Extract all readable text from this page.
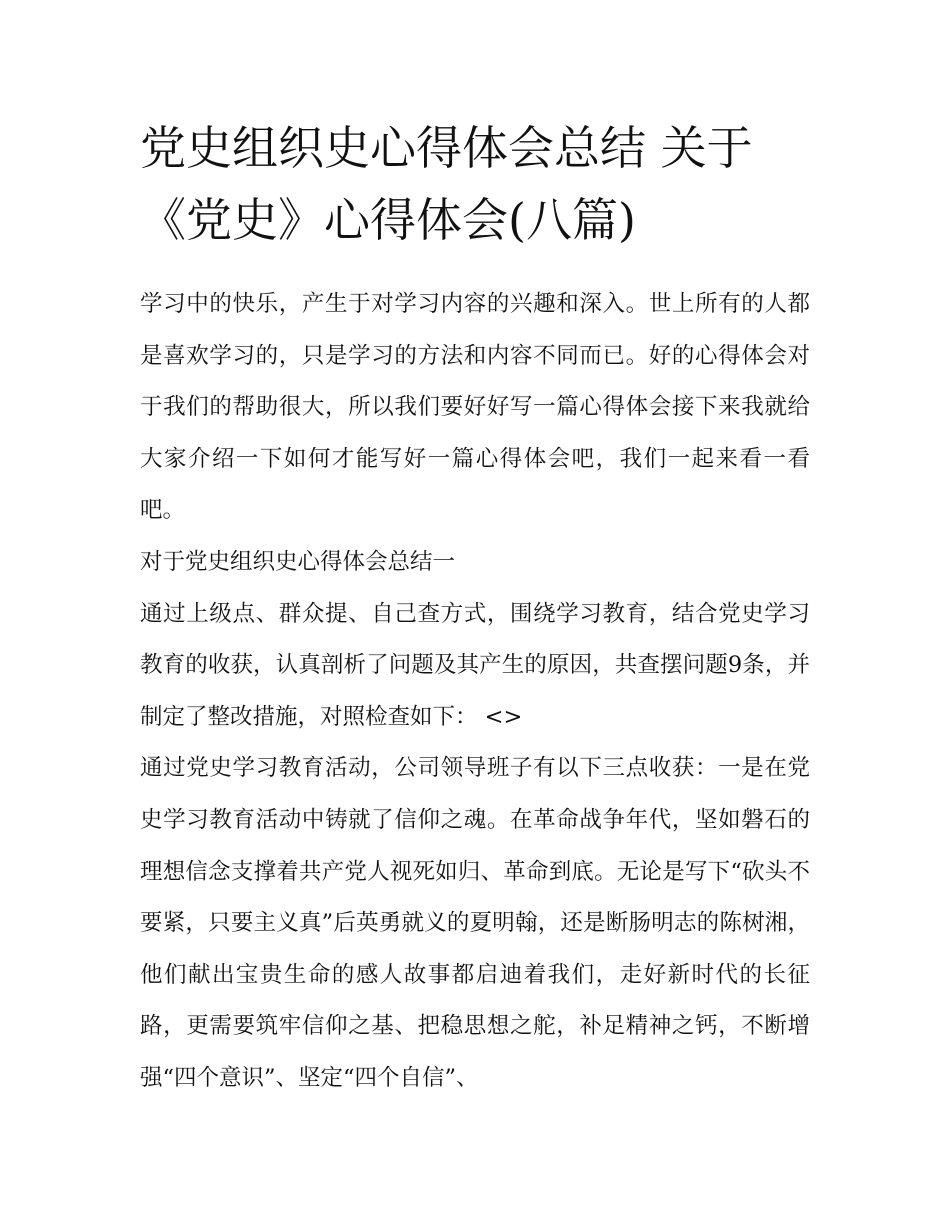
党史组织史心得体会总结 关于
《党史》心得体会(八篇)

学习中的快乐，产生于对学习内容的兴趣和深入。世上所有的人都是喜欢学习的，只是学习的方法和内容不同而已。好的心得体会对于我们的帮助很大，所以我们要好好写一篇心得体会接下来我就给大家介绍一下如何才能写好一篇心得体会吧，我们一起来看一看吧。

对于党史组织史心得体会总结一

通过上级点、群众提、自己查方式，围绕学习教育，结合党史学习教育的收获，认真剖析了问题及其产生的原因，共查摆问题9条，并制定了整改措施，对照检查如下： <>

通过党史学习教育活动，公司领导班子有以下三点收获：一是在党史学习教育活动中铸就了信仰之魂。在革命战争年代，坚如磐石的理想信念支撑着共产党人视死如归、革命到底。无论是写下“砍头不要紧，只要主义真”后英勇就义的夏明翰，还是断肠明志的陈树湘，他们献出宝贵生命的感人故事都启迪着我们，走好新时代的长征路，更需要筑牢信仰之基、把稳思想之舵，补足精神之钙，不断增强“四个意识”、坚定“四个自信”、
